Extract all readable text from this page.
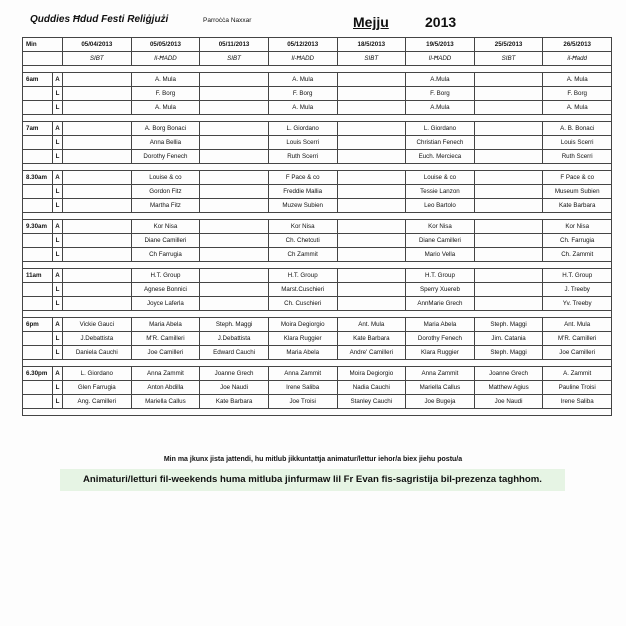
Quddies Ħdud Festi Reliġjużi	Parroċċa Naxxar	Mejju	2013
Min		05/04/2013	05/05/2013	05/11/2013	05/12/2013	18/5/2013	19/5/2013	25/5/2013	26/5/2013
		SIBT	Il-ĦADD	SIBT	Il-ĦADD	SIBT	Il-ĦADD	SIBT	il-Ħadd

6am	A		A. Mula		A. Mula		A.Mula		A. Mula
	L		F. Borg		F. Borg		F. Borg		F. Borg
	L		A. Mula		A. Mula		A.Mula		A. Mula

7am	A		A. Borg Bonaci		L. Giordano		L. Giordano		A. B. Bonaci
	L		Anna Bellia		Louis Scerri		Christian Fenech		Louis Scerri
	L		Dorothy Fenech		Ruth Scerri		Euch. Mercieca		Ruth Scerri

8.30am	A		Louise & co		F Pace & co		Louise & co		F Pace & co
	L		Gordon Fitz		Freddie Mallia		Tessie Lanzon		Museum Subien
	L		Martha Fitz		Muzew Subien		Leo Bartolo		Kate Barbara

9.30am	A		Kor Nisa		Kor Nisa		Kor Nisa		Kor Nisa
	L		Diane Camilleri		Ch. Chetcuti		Diane Camilleri		Ch. Farrugia
	L		Ch Farrugia		Ch Zammit		Mario Vella		Ch. Zammit

11am	A		H.T. Group		H.T. Group		H.T. Group		H.T. Group
	L		Agnese Bonnici		Marst.Cuschieri		Sperry Xuereb		J. Treeby
	L		Joyce Laferla		Ch. Cuschieri		AnnMarie Grech		Yv. Treeby

6pm	A	Vickie Gauci	Maria Abela	Steph. Maggi	Moira Degiorgio	Ant. Mula	Maria Abela	Steph. Maggi	Ant. Mula
	L	J.Debattista	M'R. Camilleri	J.Debattista	Klara Ruggier	Kate Barbara	Dorothy Fenech	Jim. Catania	M'R. Camilleri
	L	Daniela Cauchi	Joe Camilleri	Edward Cauchi	Maria Abela	Andre' Camilleri	Klara Ruggier	Steph. Maggi	Joe Camilleri

6.30pm	A	L. Giordano	Anna Zammit	Joanne Grech	Anna Zammit	Moira Degiorgio	Anna Zammit	Joanne Grech	A. Zammit
	L	Glen Farrugia	Anton Abdilla	Joe Naudi	Irene Saliba	Nadia Cauchi	Mariella Callus	Matthew Agius	Pauline Troisi
	L	Ang. Camilleri	Mariella Callus	Kate Barbara	Joe Troisi	Stanley Cauchi	Joe Bugeja	Joe Naudi	Irene Saliba

Min ma jkunx jista jattendi, hu mitlub jikkuntattja animatur/lettur iehor/a biex jiehu postu/a
Animaturi/letturi fil-weekends huma mitluba jinfurmaw lil Fr Evan fis-sagristija bil-prezenza taghhom.
